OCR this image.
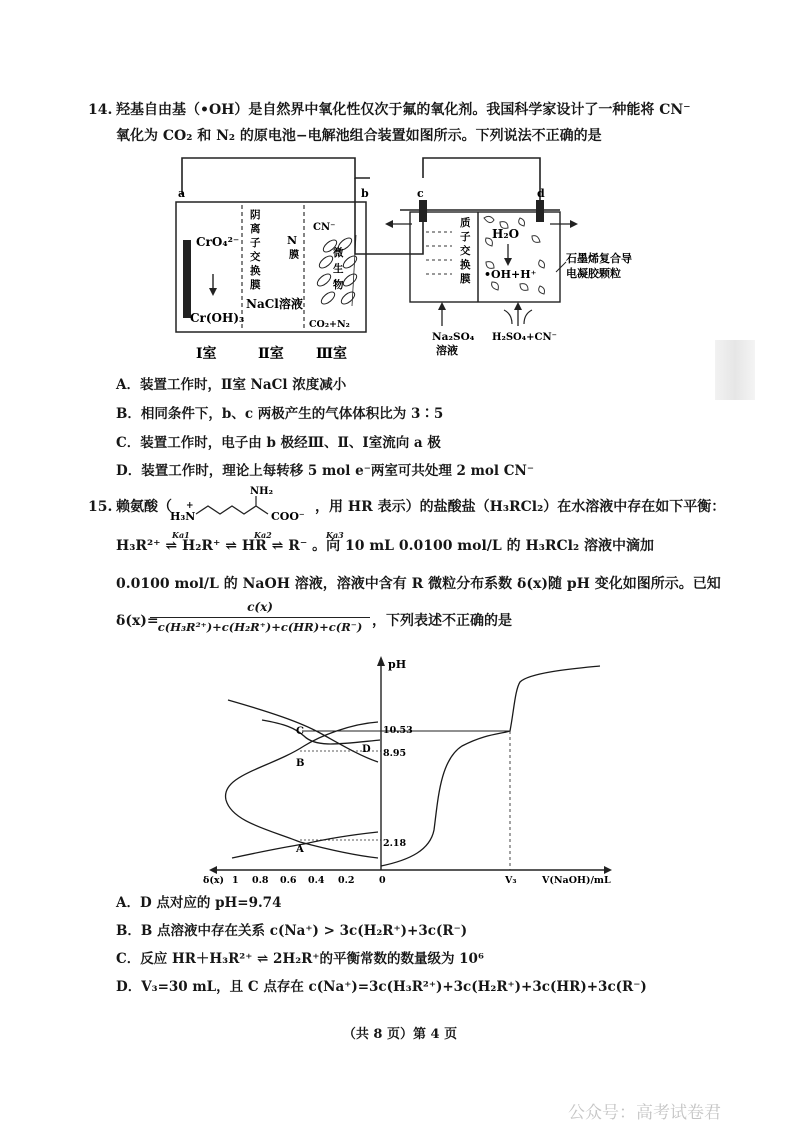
14. 羟基自由基（•OH）是自然界中氧化性仅次于氟的氧化剂。我国科学家设计了一种能将 CN⁻
氧化为 CO₂ 和 N₂ 的原电池−电解池组合装置如图所示。下列说法不正确的是
a	b	c	d
CrO₄²⁻
Cr(OH)₃
阴离子交换膜
N 膜
NaCl溶液
CN⁻
微生物
CO₂+N₂
Ⅰ室	Ⅱ室 Ⅲ室
质子交换膜
H₂O
•OH+H⁺
石墨烯复合导
电凝胶颗粒
Na₂SO₄
溶液
H₂SO₄+CN⁻
A．装置工作时，Ⅱ室 NaCl 浓度减小
B．相同条件下，b、c 两极产生的气体体积比为 3∶5
C．装置工作时，电子由 b 极经Ⅲ、Ⅱ、Ⅰ室流向 a 极
D．装置工作时，理论上每转移 5 mol e⁻两室可共处理 2 mol CN⁻
15. 赖氨酸（
H₃N
+
NH₂
COO⁻
，用 HR 表示）的盐酸盐（H₃RCl₂）在水溶液中存在如下平衡：
H₃R²⁺ ⇌ H₂R⁺ ⇌ HR ⇌ R⁻ 。向 10 mL 0.0100 mol/L 的 H₃RCl₂ 溶液中滴加
Ka1	Ka2	Ka3
0.0100 mol/L 的 NaOH 溶液，溶液中含有 R 微粒分布系数 δ(x)随 pH 变化如图所示。已知
δ(x)=
c(x)
c(H₃R²⁺)+c(H₂R⁺)+c(HR)+c(R⁻) ，下列表述不正确的是
pH
V(NaOH)/mL
δ(x) 1 0.8 0.6 0.4 0.2	0
10.53
8.95
2.18
V₃
A
B
C
D
A．D 点对应的 pH=9.74
B．B 点溶液中存在关系 c(Na⁺) > 3c(H₂R⁺)+3c(R⁻)
C．反应 HR＋H₃R²⁺ ⇌ 2H₂R⁺的平衡常数的数量级为 10⁶
D．V₃=30 mL，且 C 点存在 c(Na⁺)=3c(H₃R²⁺)+3c(H₂R⁺)+3c(HR)+3c(R⁻)
（共 8 页）第 4 页
公众号：高考试卷君
